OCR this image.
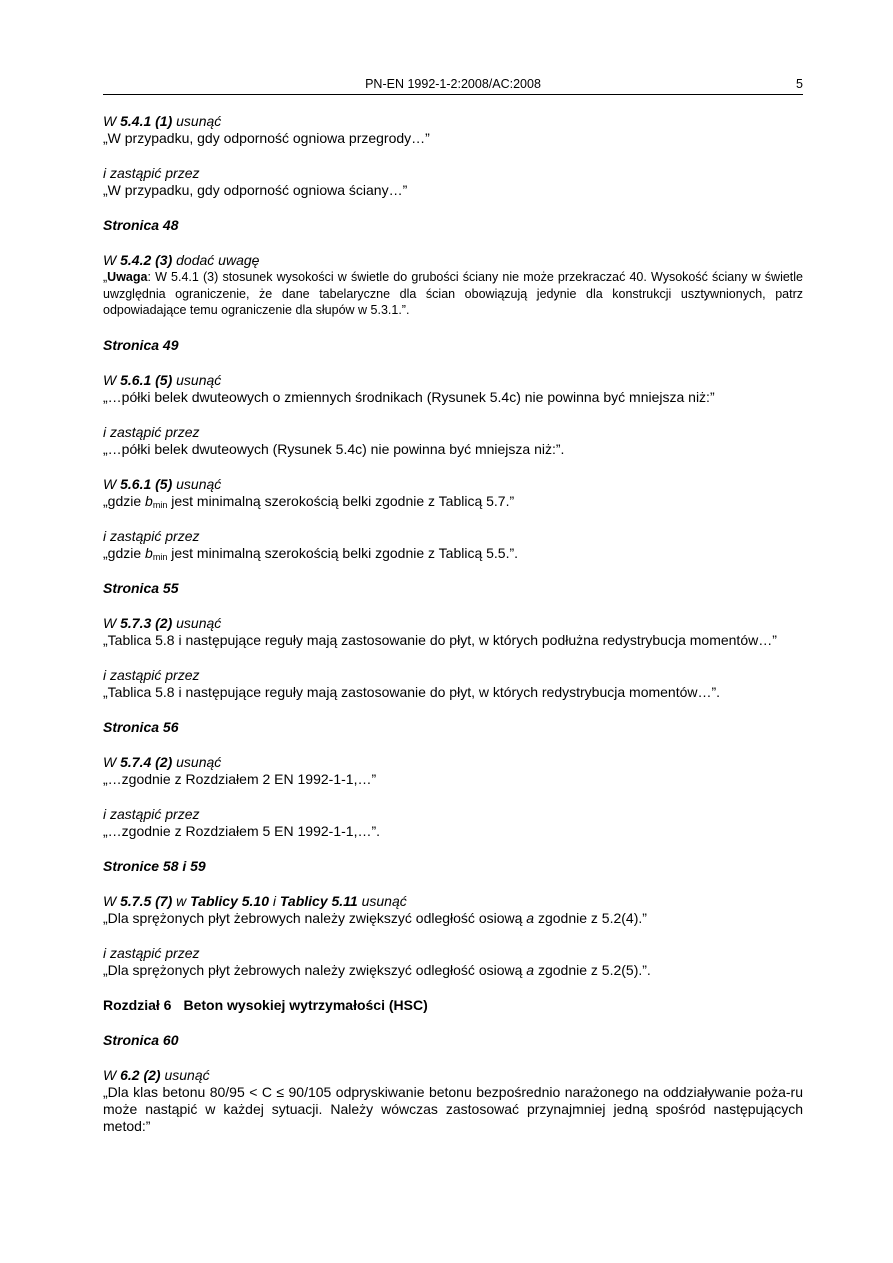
PN-EN 1992-1-2:2008/AC:2008	5
W 5.4.1 (1) usunąć
„W przypadku, gdy odporność ogniowa przegrody…”
i zastąpić przez
„W przypadku, gdy odporność ogniowa ściany…”
Stronica 48
W 5.4.2 (3) dodać uwagę
„Uwaga: W 5.4.1 (3) stosunek wysokości w świetle do grubości ściany nie może przekraczać 40. Wysokość ściany w świetle uwzględnia ograniczenie, że dane tabelaryczne dla ścian obowiązują jedynie dla konstrukcji usztywnionych, patrz odpowiadające temu ograniczenie dla słupów w 5.3.1.”.
Stronica 49
W 5.6.1 (5) usunąć
„…półki belek dwuteowych o zmiennych środnikach (Rysunek 5.4c) nie powinna być mniejsza niż:”
i zastąpić przez
„…półki belek dwuteowych (Rysunek 5.4c) nie powinna być mniejsza niż:”.
W 5.6.1 (5) usunąć
„gdzie $b_{min}$ jest minimalną szerokością belki zgodnie z Tablicą 5.7.”
i zastąpić przez
„gdzie $b_{min}$ jest minimalną szerokością belki zgodnie z Tablicą 5.5.”.
Stronica 55
W 5.7.3 (2) usunąć
„Tablica 5.8 i następujące reguły mają zastosowanie do płyt, w których podłużna redystrybucja momentów…”
i zastąpić przez
„Tablica 5.8 i następujące reguły mają zastosowanie do płyt, w których redystrybucja momentów…”.
Stronica 56
W 5.7.4 (2) usunąć
„…zgodnie z Rozdziałem 2 EN 1992-1-1,…”
i zastąpić przez
„…zgodnie z Rozdziałem 5 EN 1992-1-1,…”.
Stronice 58 i 59
W 5.7.5 (7) w Tablicy 5.10 i Tablicy 5.11 usunąć
„Dla sprężonych płyt żebrowych należy zwiększyć odległość osiową a zgodnie z 5.2(4).”
i zastąpić przez
„Dla sprężonych płyt żebrowych należy zwiększyć odległość osiową a zgodnie z 5.2(5).”.
Rozdział 6 Beton wysokiej wytrzymałości (HSC)
Stronica 60
W 6.2 (2) usunąć
„Dla klas betonu 80/95 < C ≤ 90/105 odpryskiwanie betonu bezpośrednio narażonego na oddziaływanie poża-ru może nastąpić w każdej sytuacji. Należy wówczas zastosować przynajmniej jedną spośród następujących metod:”
